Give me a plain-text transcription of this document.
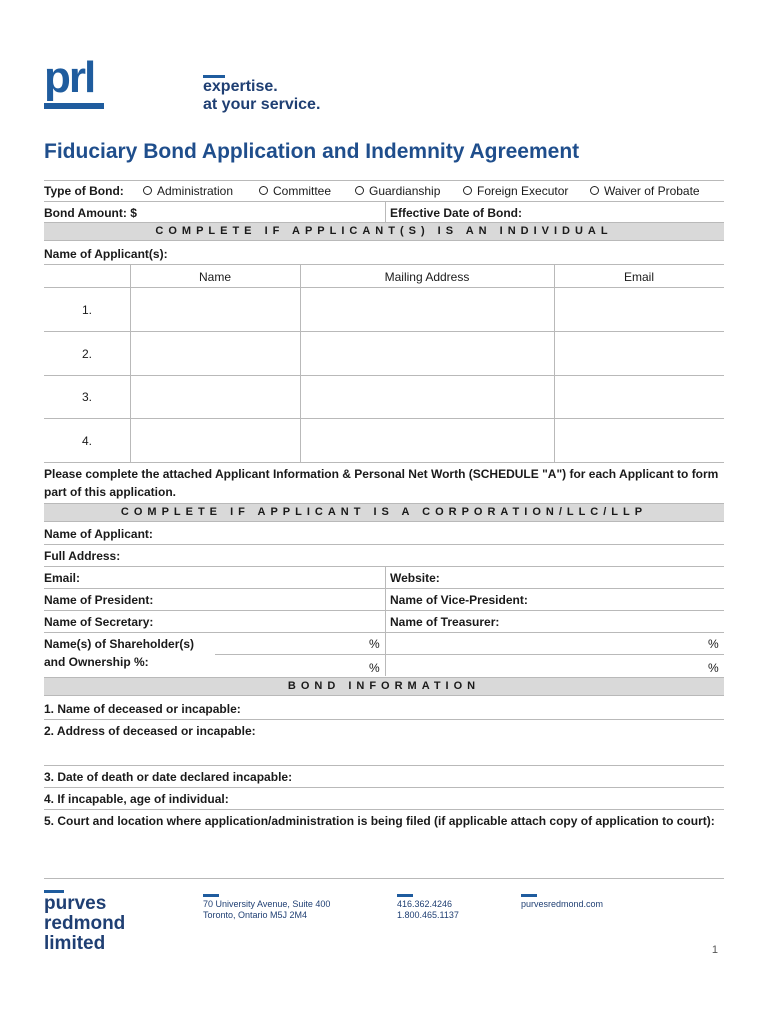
prl	expertise.
at your service.
Fiduciary Bond Application and Indemnity Agreement
Type of Bond:	Administration	Committee	Guardianship	Foreign Executor	Waiver of Probate
Bond Amount: $	Effective Date of Bond:
COMPLETE IF APPLICANT(S) IS AN INDIVIDUAL
Name of Applicant(s):
Name	Mailing Address	Email
1.
2.
3.
4.
Please complete the attached Applicant Information & Personal Net Worth (SCHEDULE "A") for each Applicant to form
part of this application.
COMPLETE IF APPLICANT IS A CORPORATION/LLC/LLP
Name of Applicant:
Full Address:
Email:	Website:
Name of President:	Name of Vice-President:
Name of Secretary:	Name of Treasurer:
Name(s) of Shareholder(s)
and Ownership %:
%	%
%	%
BOND INFORMATION
1. Name of deceased or incapable:
2. Address of deceased or incapable:
3. Date of death or date declared incapable:
4. If incapable, age of individual:
5. Court and location where application/administration is being filed (if applicable attach copy of application to court):
purves
redmond
limited
70 University Avenue, Suite 400
Toronto, Ontario M5J 2M4
416.362.4246
1.800.465.1137
purvesredmond.com
1
